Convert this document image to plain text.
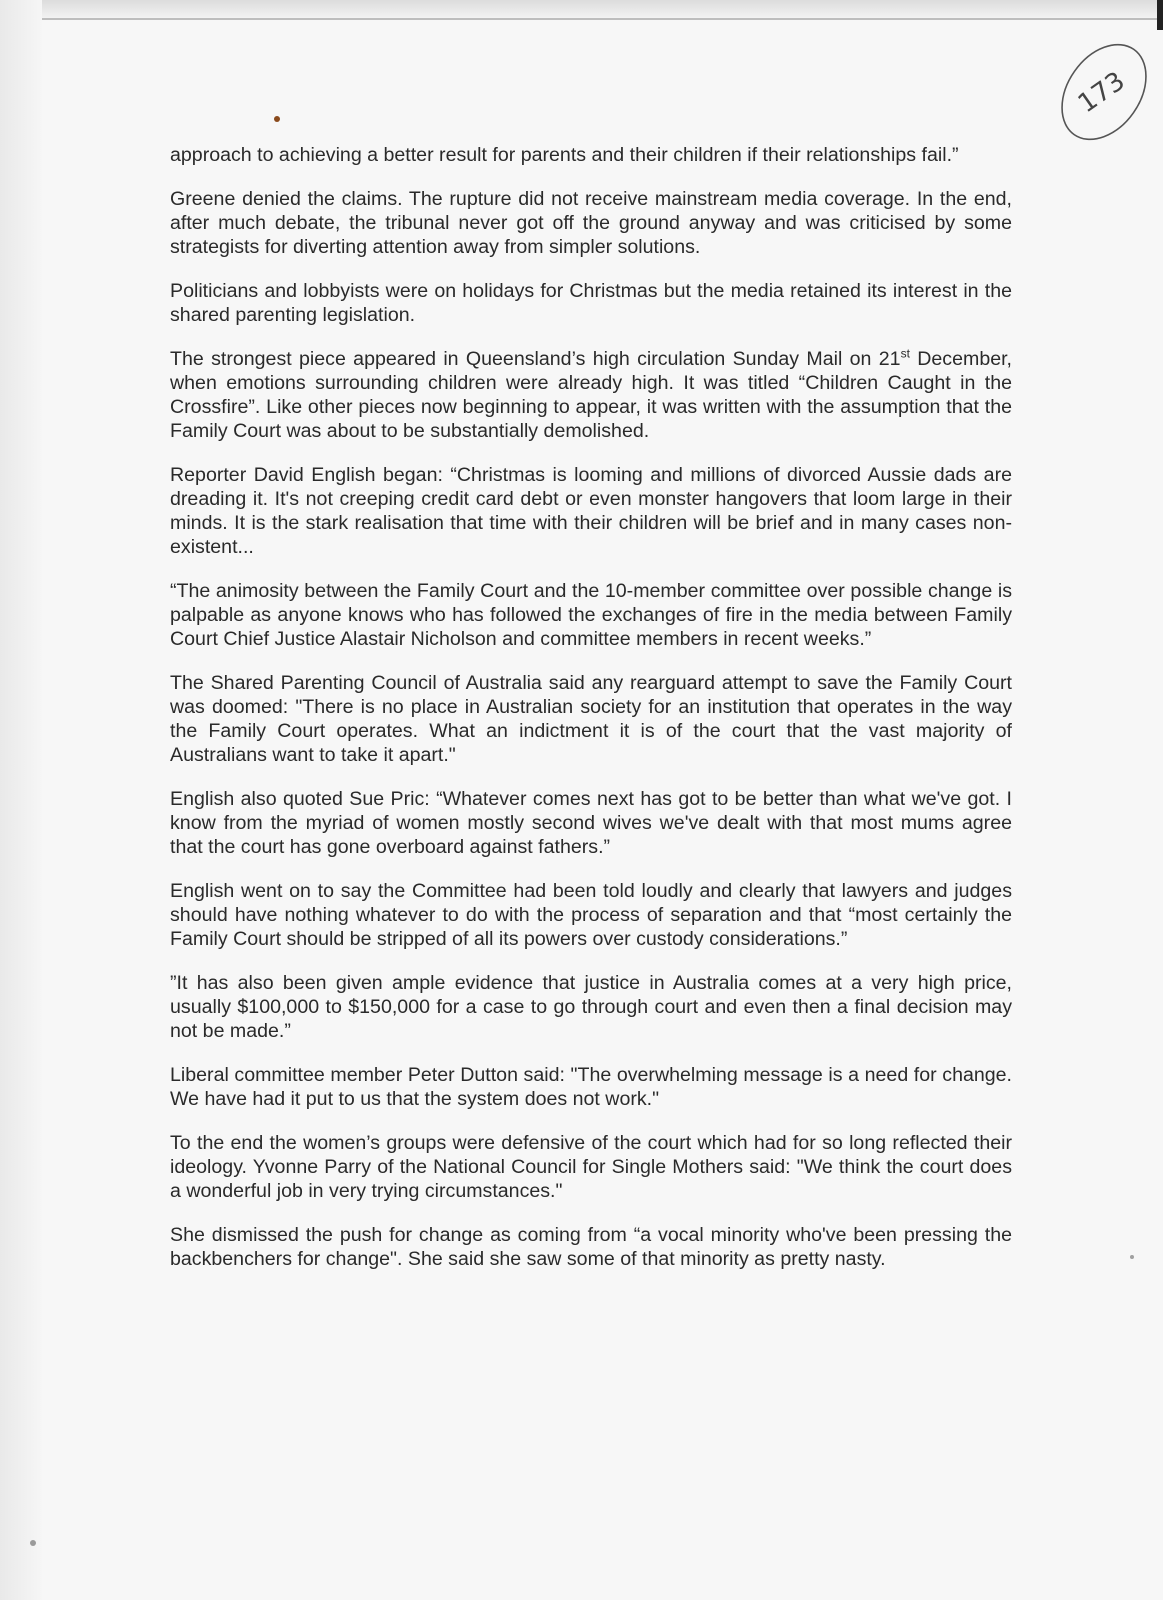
173

approach to achieving a better result for parents and their children if their relationships fail.”

Greene denied the claims. The rupture did not receive mainstream media coverage. In the end, after much debate, the tribunal never got off the ground anyway and was criticised by some strategists for diverting attention away from simpler solutions.

Politicians and lobbyists were on holidays for Christmas but the media retained its interest in the shared parenting legislation.

The strongest piece appeared in Queensland’s high circulation Sunday Mail on 21st December, when emotions surrounding children were already high. It was titled “Children Caught in the Crossfire”. Like other pieces now beginning to appear, it was written with the assumption that the Family Court was about to be substantially demolished.

Reporter David English began: “Christmas is looming and millions of divorced Aussie dads are dreading it. It's not creeping credit card debt or even monster hangovers that loom large in their minds. It is the stark realisation that time with their children will be brief and in many cases non-existent...

“The animosity between the Family Court and the 10-member committee over possible change is palpable as anyone knows who has followed the exchanges of fire in the media between Family Court Chief Justice Alastair Nicholson and committee members in recent weeks.”

The Shared Parenting Council of Australia said any rearguard attempt to save the Family Court was doomed: "There is no place in Australian society for an institution that operates in the way the Family Court operates. What an indictment it is of the court that the vast majority of Australians want to take it apart."

English also quoted Sue Pric: “Whatever comes next has got to be better than what we've got. I know from the myriad of women mostly second wives we've dealt with that most mums agree that the court has gone overboard against fathers.”

English went on to say the Committee had been told loudly and clearly that lawyers and judges should have nothing whatever to do with the process of separation and that “most certainly the Family Court should be stripped of all its powers over custody considerations.”

”It has also been given ample evidence that justice in Australia comes at a very high price, usually $100,000 to $150,000 for a case to go through court and even then a final decision may not be made.”

Liberal committee member Peter Dutton said: "The overwhelming message is a need for change. We have had it put to us that the system does not work."

To the end the women’s groups were defensive of the court which had for so long reflected their ideology. Yvonne Parry of the National Council for Single Mothers said: "We think the court does a wonderful job in very trying circumstances."

She dismissed the push for change as coming from “a vocal minority who've been pressing the backbenchers for change". She said she saw some of that minority as pretty nasty.
